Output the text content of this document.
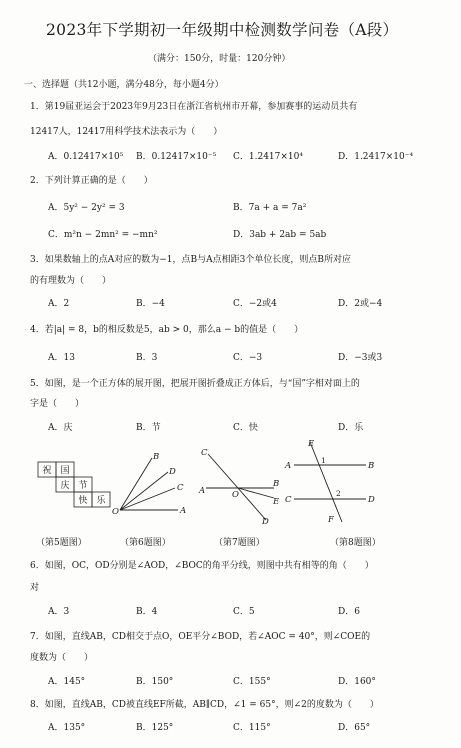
2023年下学期初一年级期中检测数学问卷（A段）
（满分：150分，时量：120分钟）
一、选择题（共12小题，满分48分，每小题4分）
1．第19届亚运会于2023年9月23日在浙江省杭州市开幕，参加赛事的运动员共有
12417人，12417用科学技术法表示为（　　）
A．0.12417×10⁵ B．0.12417×10⁻⁵ C．1.2417×10⁴	D．1.2417×10⁻⁴
2．下列计算正确的是（　　）
A．5y² − 2y² = 3	B．7a + a = 7a²
C．m²n − 2mn² = −mn²	D．3ab + 2ab = 5ab
3．如果数轴上的点A对应的数为−1，点B与A点相距3个单位长度，则点B所对应
的有理数为（　　）
A．2	B．−4	C．−2或4	D．2或−4
4．若|a| = 8，b的相反数是5，ab > 0，那么a − b的值是（　　）
A．13	B．3	C．−3	D．−3或3
5．如图，是一个正方体的展开图，把展开图折叠成正方体后，与“国”字相对面上的
字是（　　）
A．庆	B．节	C．快	D．乐
祝 国
庆 节
快 乐
O	A
B
D
C
C
A	O
B
E
D
E
A	B
C	D
F
1
2
（第5题图）	（第6题图）	（第7题图）	（第8题图）
6．如图，OC，OD分别是∠AOD，∠BOC的角平分线，则图中共有相等的角（　　）
对
A．3	B．4	C．5	D．6
7．如图，直线AB，CD相交于点O，OE平分∠BOD，若∠AOC = 40°，则∠COE的
度数为（　　）
A．145°	B．150°	C．155°	D．160°
8．如图，直线AB，CD被直线EF所截，AB∥CD，∠1 = 65°，则∠2的度数为（　　）
A．135°	B．125°	C．115°	D．65°
